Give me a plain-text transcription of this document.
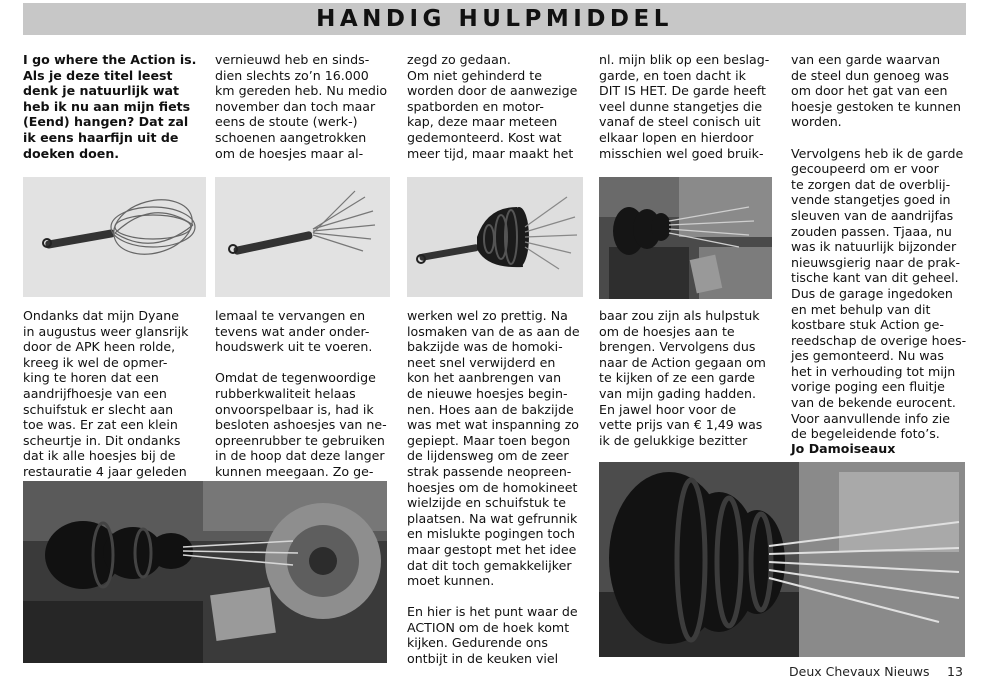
HANDIG HULPMIDDEL

I go where the Action is.
Als je deze titel leest
denk je natuurlijk wat
heb ik nu aan mijn fiets
(Eend) hangen? Dat zal
ik eens haarfijn uit de
doeken doen.

vernieuwd heb en sinds-
dien slechts zo’n 16.000
km gereden heb. Nu medio
november dan toch maar
eens de stoute (werk-)
schoenen aangetrokken
om de hoesjes maar al-

zegd zo gedaan.
Om niet gehinderd te
worden door de aanwezige
spatborden en motor-
kap, deze maar meteen
gedemonteerd. Kost wat
meer tijd, maar maakt het

nl. mijn blik op een beslag-
garde, en toen dacht ik
DIT IS HET. De garde heeft
veel dunne stangetjes die
vanaf de steel conisch uit
elkaar lopen en hierdoor
misschien wel goed bruik-

van een garde waarvan
de steel dun genoeg was
om door het gat van een
hoesje gestoken te kunnen
worden.

Vervolgens heb ik de garde
gecoupeerd om er voor
te zorgen dat de overblij-
vende stangetjes goed in
sleuven van de aandrijfas
zouden passen. Tjaaa, nu
was ik natuurlijk bijzonder
nieuwsgierig naar de prak-
tische kant van dit geheel.
Dus de garage ingedoken
en met behulp van dit
kostbare stuk Action ge-
reedschap de overige hoes-
jes gemonteerd. Nu was
het in verhouding tot mijn
vorige poging een fluitje
van de bekende eurocent.
Voor aanvullende info zie
de begeleidende foto’s.

Jo Damoiseaux

Ondanks dat mijn Dyane
in augustus weer glansrijk
door de APK heen rolde,
kreeg ik wel de opmer-
king te horen dat een
aandrijfhoesje van een
schuifstuk er slecht aan
toe was. Er zat een klein
scheurtje in. Dit ondanks
dat ik alle hoesjes bij de
restauratie 4 jaar geleden

lemaal te vervangen en
tevens wat ander onder-
houdswerk uit te voeren.

Omdat de tegenwoordige
rubberkwaliteit helaas
onvoorspelbaar is, had ik
besloten ashoesjes van ne-
opreenrubber te gebruiken
in de hoop dat deze langer
kunnen meegaan. Zo ge-

werken wel zo prettig. Na
losmaken van de as aan de
bakzijde was de homoki-
neet snel verwijderd en
kon het aanbrengen van
de nieuwe hoesjes begin-
nen. Hoes aan de bakzijde
was met wat inspanning zo
gepiept. Maar toen begon
de lijdensweg om de zeer
strak passende neopreen-
hoesjes om de homokineet
wielzijde en schuifstuk te
plaatsen. Na wat gefrunnik
en mislukte pogingen toch
maar gestopt met het idee
dat dit toch gemakkelijker
moet kunnen.

En hier is het punt waar de
ACTION om de hoek komt
kijken. Gedurende ons
ontbijt in de keuken viel

baar zou zijn als hulpstuk
om de hoesjes aan te
brengen. Vervolgens dus
naar de Action gegaan om
te kijken of ze een garde
van mijn gading hadden.
En jawel hoor voor de
vette prijs van € 1,49 was
ik de gelukkige bezitter

Deux Chevaux Nieuws 13
